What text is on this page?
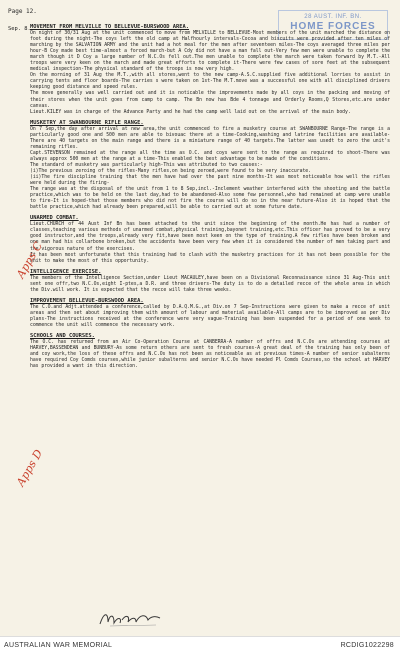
Page 12.
28 AUST. INF. BN.
HOME FORCES
Sep. 8. MOVEMENT FROM MELVILLE TO BELLEVUE-BURSWOOD AREA.

On night of 30/31 Aug at the unit commenced to move from MELVILLE to BELLEVUE-Most members of the unit marched the distance on foot during the night-The coys left the old camp at Halfhourly intervals-Cocoa and biscuits were provided after ten miles of marching by the SALVATION ARMY and the unit had a hot meal for the men after seventeen miles-The coys averaged three miles per hour-B Coy made best time-almost a forced march-but A Cdy did not have a man fall out-Very few men were unable to complete the march though it D Coy a large number of N.C.Os fell out.The men unable to complete the march were taken forward by M.T.-All troops were very keen on the march and made great efforts to complete it-There were few cases of sore feet at the subsequent medical inspection-The physical standard of the troops is now very high.

On the morning of 31 Aug the M.T.,with all stores,went to the new camp-A.S.C.supplied five additional lorries to assist in carrying tents and floor boards-The carries s were taken on 1st-The M.T.move was a successful one with all disciplined drivers keeping good distance and speed rules.

The move generally was well carried out and it is noticable the improvements made by all coys in the packing and moving of their stores when the unit goes from camp to camp. The Bn now has Bde 4 tonnage and Orderly Rooms,Q Stores,etc.are under canvas.

Lieut.KILEY was in charge of the Advance Party and he had the camp well laid out on the arrival of the main body.

MUSKETRY AT SWANBOURNE RIFLE RANGE.

On 7 Sep,the day after arrival at new area,the unit commenced to fire a musketry course at SWANBOURNE Range-The range is a particularly good one and 500 men are able to bivouac there at a time-Cooking,washing and latrine facilities are available-There are 40 targets on the main range and there is a miniature range of 40 targets.The latter was usedt to zero the unit's remaining rifles.

Capt.STEVENSON remained at the range all the time as O.C. and coys were sent to the range as required to shoot-There was always approx 500 men at the range at a time-This enabled the best advantage to be made of the conditions.

The standard of musketry was particularly high-This was attributed to two causes:-

(i)The previous zeroing of the rifles-Many rifles,on being zeroed,were found to be very inaccurate.

(ii)The fire discipline training that the men have had over the past nine months-It was most noticeable how well the rifles were held during the firing-

The range was at the disposal of the unit from 1 to 8 Sep,incl.-Inclement weather interfered with the shooting and the battle practice,which was to be held on the last day,had to be abandoned-Also some few personnel,who had remained at camp were unable to fire-It is hoped-that those members who did not fire the course will do so in the near future-Also it is hoped that the battle practice,which had already been prepared,will be able to carried out at some future date.

UNARMED COMBAT.

Lieut.CHURCH of 44 Aust Inf Bn has been attached to the unit since the beginning of the month.He has had a number of classes,teaching various methods of unarmed combat,physical training,bayonet training,etc.This officer has proved to be a very good instructor,and the troops,already very fit,have been most keen on the type of training.A few rifles have been broken and one man had his collarbone broken,but the accidents have been very few when it is considered the number of men taking part and the vigorous nature of the exercises.

It has been most unfortunate that this training had to clash with the musketry practices for it has not been possible for the unit to make the most of this opportunity.

INTELLIGENCE EXERCISE.

The members of the Intelligence Section,under Lieut MACAULEY,have been on a Divisional Reconnaissance since 31 Aug-This unit sent one offr,two N.C.Os,eight I-ptes,a D.R. and three drivers-The duty is to do a detailed recce of the whole area in which the Div.will work. It is expected that the recce will take three weeks.

IMPROVEMENT BELLEVUE-BURSWOOD AREA.

The C.O.and Adjt.attended a conference,called by D.A.Q.M.G.,at Div.on 7 Sep-Instructions were given to make a recce of unit areas and then set about improving them with amount of labour and material available-All camps are to be improved as per Div plans-The instructions received at the conference were very vague-Training has been suspended for a period of one week to commence the unit will commence the necessary work.

SCHOOLS AND COURSES.

The O.C. has returned from an Air Co-Operation Course at CANBERRA-A number of offrs and N.C.Os are attending courses at HARVEY,BASSENDEAN and BUNBURY-As some return others are sent to fresh courses-A great deal of the training has only been of and coy work,the loss of these offrs and N.C.Os has not been as noticeable as at previous times-A number of senior subalterns have required Coy Comds courses,while junior subalterns and senior N.C.Os have needed Pl Comds Courses,so the school at HARVEY has provided a want in this direction.

Apps C
Apps D
AUSTRALIAN WAR MEMORIAL	RCDIG1022298
